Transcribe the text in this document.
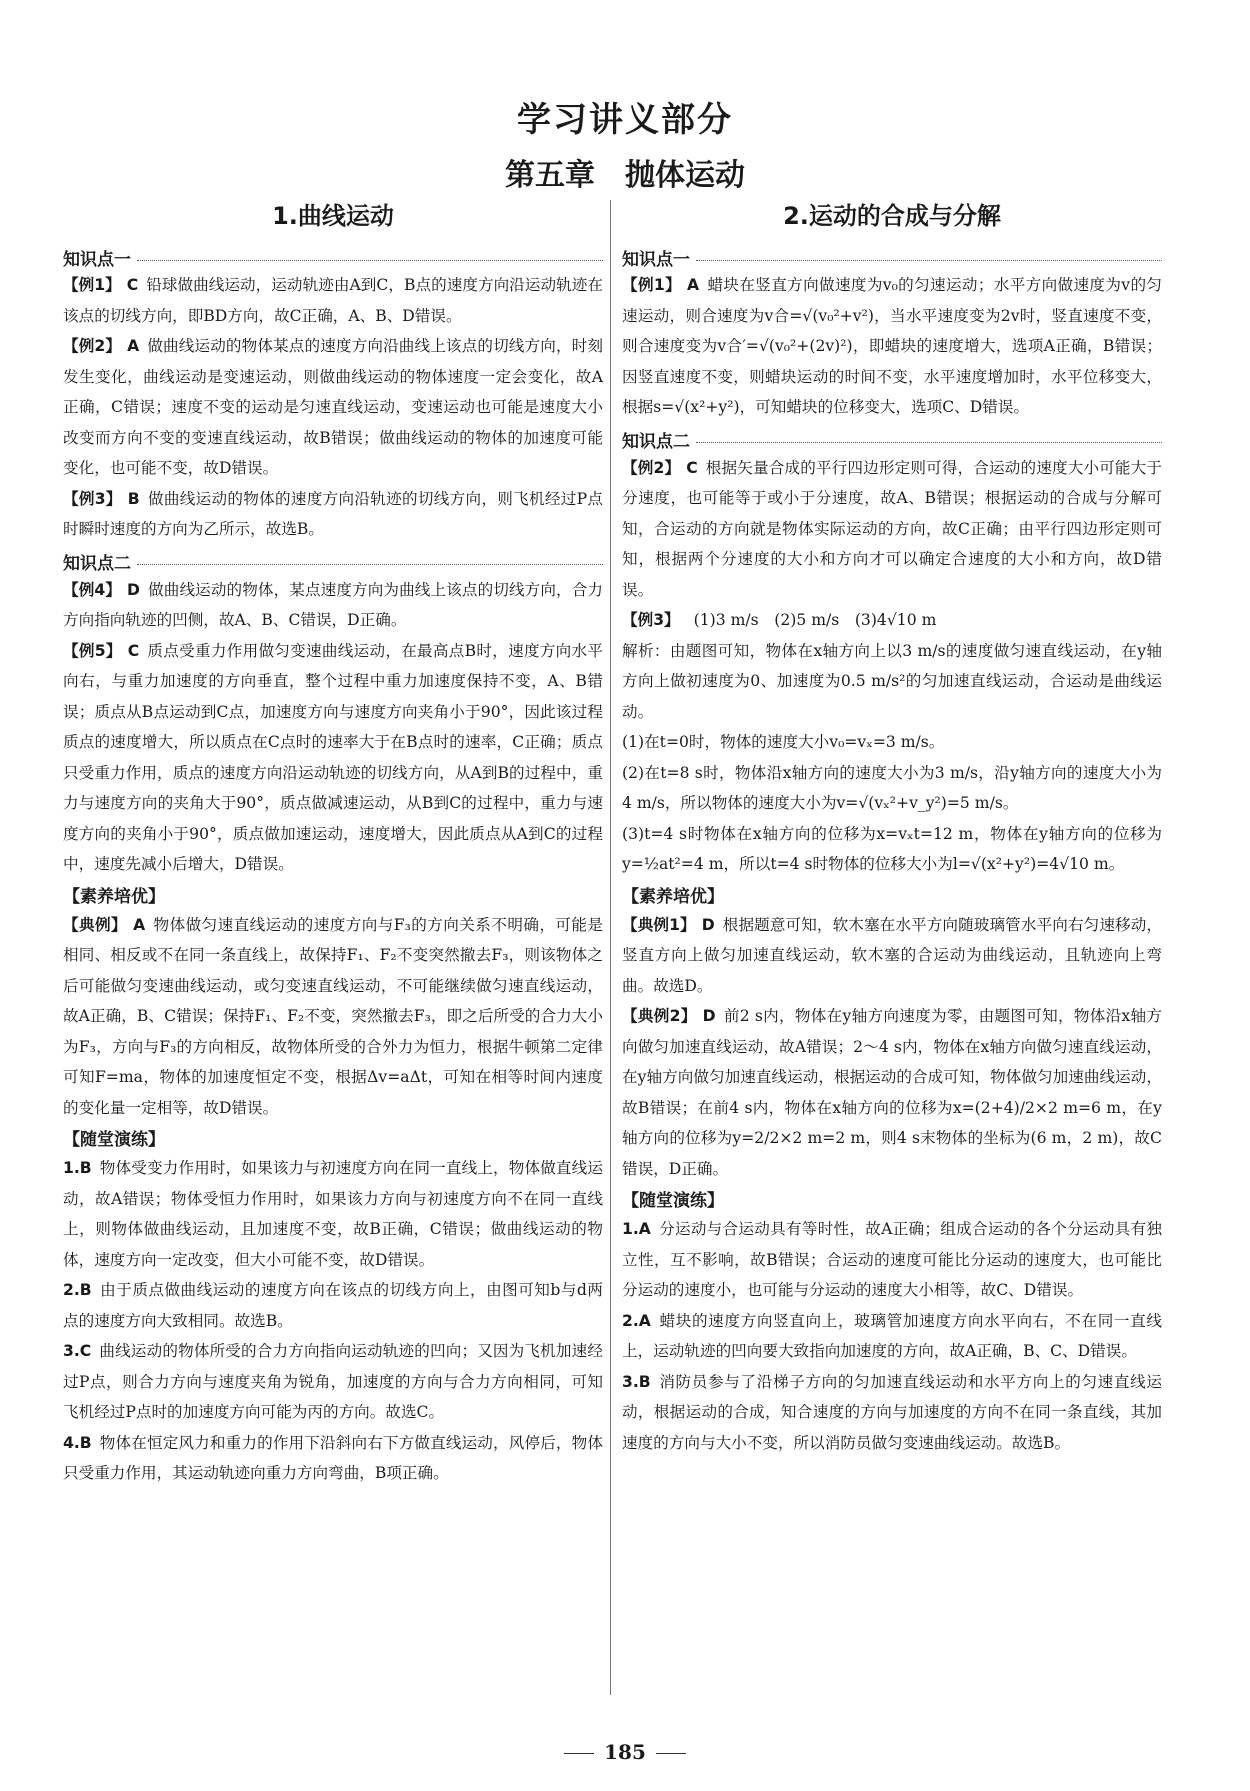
学习讲义部分
第五章　抛体运动
1.曲线运动
知识点一
【例1】 C 铅球做曲线运动，运动轨迹由A到C，B点的速度方向沿运动轨迹在该点的切线方向，即BD方向，故C正确，A、B、D错误。
【例2】 A 做曲线运动的物体某点的速度方向沿曲线上该点的切线方向，时刻发生变化，曲线运动是变速运动，则做曲线运动的物体速度一定会变化，故A正确，C错误；速度不变的运动是匀速直线运动，变速运动也可能是速度大小改变而方向不变的变速直线运动，故B错误；做曲线运动的物体的加速度可能变化，也可能不变，故D错误。
【例3】 B 做曲线运动的物体的速度方向沿轨迹的切线方向，则飞机经过P点时瞬时速度的方向为乙所示，故选B。
知识点二
【例4】 D 做曲线运动的物体，某点速度方向为曲线上该点的切线方向，合力方向指向轨迹的凹侧，故A、B、C错误，D正确。
【例5】 C 质点受重力作用做匀变速曲线运动，在最高点B时，速度方向水平向右，与重力加速度的方向垂直，整个过程中重力加速度保持不变，A、B错误；质点从B点运动到C点，加速度方向与速度方向夹角小于90°，因此该过程质点的速度增大，所以质点在C点时的速率大于在B点时的速率，C正确；质点只受重力作用，质点的速度方向沿运动轨迹的切线方向，从A到B的过程中，重力与速度方向的夹角大于90°，质点做减速运动，从B到C的过程中，重力与速度方向的夹角小于90°，质点做加速运动，速度增大，因此质点从A到C的过程中，速度先减小后增大，D错误。
【素养培优】
【典例】 A 物体做匀速直线运动的速度方向与F₃的方向关系不明确，可能是相同、相反或不在同一条直线上，故保持F₁、F₂不变突然撤去F₃，则该物体之后可能做匀变速曲线运动，或匀变速直线运动，不可能继续做匀速直线运动，故A正确，B、C错误；保持F₁、F₂不变，突然撤去F₃，即之后所受的合力大小为F₃，方向与F₃的方向相反，故物体所受的合外力为恒力，根据牛顿第二定律可知F=ma，物体的加速度恒定不变，根据Δv=aΔt，可知在相等时间内速度的变化量一定相等，故D错误。
【随堂演练】
1.B 物体受变力作用时，如果该力与初速度方向在同一直线上，物体做直线运动，故A错误；物体受恒力作用时，如果该力方向与初速度方向不在同一直线上，则物体做曲线运动，且加速度不变，故B正确，C错误；做曲线运动的物体，速度方向一定改变，但大小可能不变，故D错误。
2.B 由于质点做曲线运动的速度方向在该点的切线方向上，由图可知b与d两点的速度方向大致相同。故选B。
3.C 曲线运动的物体所受的合力方向指向运动轨迹的凹向；又因为飞机加速经过P点，则合力方向与速度夹角为锐角，加速度的方向与合力方向相同，可知飞机经过P点时的加速度方向可能为丙的方向。故选C。
4.B 物体在恒定风力和重力的作用下沿斜向右下方做直线运动，风停后，物体只受重力作用，其运动轨迹向重力方向弯曲，B项正确。
2.运动的合成与分解
知识点一
【例1】 A 蜡块在竖直方向做速度为v₀的匀速运动；水平方向做速度为v的匀速运动，则合速度为v合=√(v₀²+v²)，当水平速度变为2v时，竖直速度不变，则合速度变为v合′=√(v₀²+(2v)²)，即蜡块的速度增大，选项A正确，B错误；因竖直速度不变，则蜡块运动的时间不变，水平速度增加时，水平位移变大，根据s=√(x²+y²)，可知蜡块的位移变大，选项C、D错误。
知识点二
【例2】 C 根据矢量合成的平行四边形定则可得，合运动的速度大小可能大于分速度，也可能等于或小于分速度，故A、B错误；根据运动的合成与分解可知，合运动的方向就是物体实际运动的方向，故C正确；由平行四边形定则可知，根据两个分速度的大小和方向才可以确定合速度的大小和方向，故D错误。
【例3】 (1)3 m/s　(2)5 m/s　(3)4√10 m
解析：由题图可知，物体在x轴方向上以3 m/s的速度做匀速直线运动，在y轴方向上做初速度为0、加速度为0.5 m/s²的匀加速直线运动，合运动是曲线运动。
(1)在t=0时，物体的速度大小v₀=vₓ=3 m/s。
(2)在t=8 s时，物体沿x轴方向的速度大小为3 m/s，沿y轴方向的速度大小为4 m/s，所以物体的速度大小为v=√(vₓ²+v_y²)=5 m/s。
(3)t=4 s时物体在x轴方向的位移为x=vₓt=12 m，物体在y轴方向的位移为y=½at²=4 m，所以t=4 s时物体的位移大小为l=√(x²+y²)=4√10 m。
【素养培优】
【典例1】 D 根据题意可知，软木塞在水平方向随玻璃管水平向右匀速移动，竖直方向上做匀加速直线运动，软木塞的合运动为曲线运动，且轨迹向上弯曲。故选D。
【典例2】 D 前2 s内，物体在y轴方向速度为零，由题图可知，物体沿x轴方向做匀加速直线运动，故A错误；2～4 s内，物体在x轴方向做匀速直线运动，在y轴方向做匀加速直线运动，根据运动的合成可知，物体做匀加速曲线运动，故B错误；在前4 s内，物体在x轴方向的位移为x=(2+4)/2×2 m=6 m，在y轴方向的位移为y=2/2×2 m=2 m，则4 s末物体的坐标为(6 m，2 m)，故C错误，D正确。
【随堂演练】
1.A 分运动与合运动具有等时性，故A正确；组成合运动的各个分运动具有独立性，互不影响，故B错误；合运动的速度可能比分运动的速度大，也可能比分运动的速度小，也可能与分运动的速度大小相等，故C、D错误。
2.A 蜡块的速度方向竖直向上，玻璃管加速度方向水平向右，不在同一直线上，运动轨迹的凹向要大致指向加速度的方向，故A正确，B、C、D错误。
3.B 消防员参与了沿梯子方向的匀加速直线运动和水平方向上的匀速直线运动，根据运动的合成，知合速度的方向与加速度的方向不在同一条直线，其加速度的方向与大小不变，所以消防员做匀变速曲线运动。故选B。
185
